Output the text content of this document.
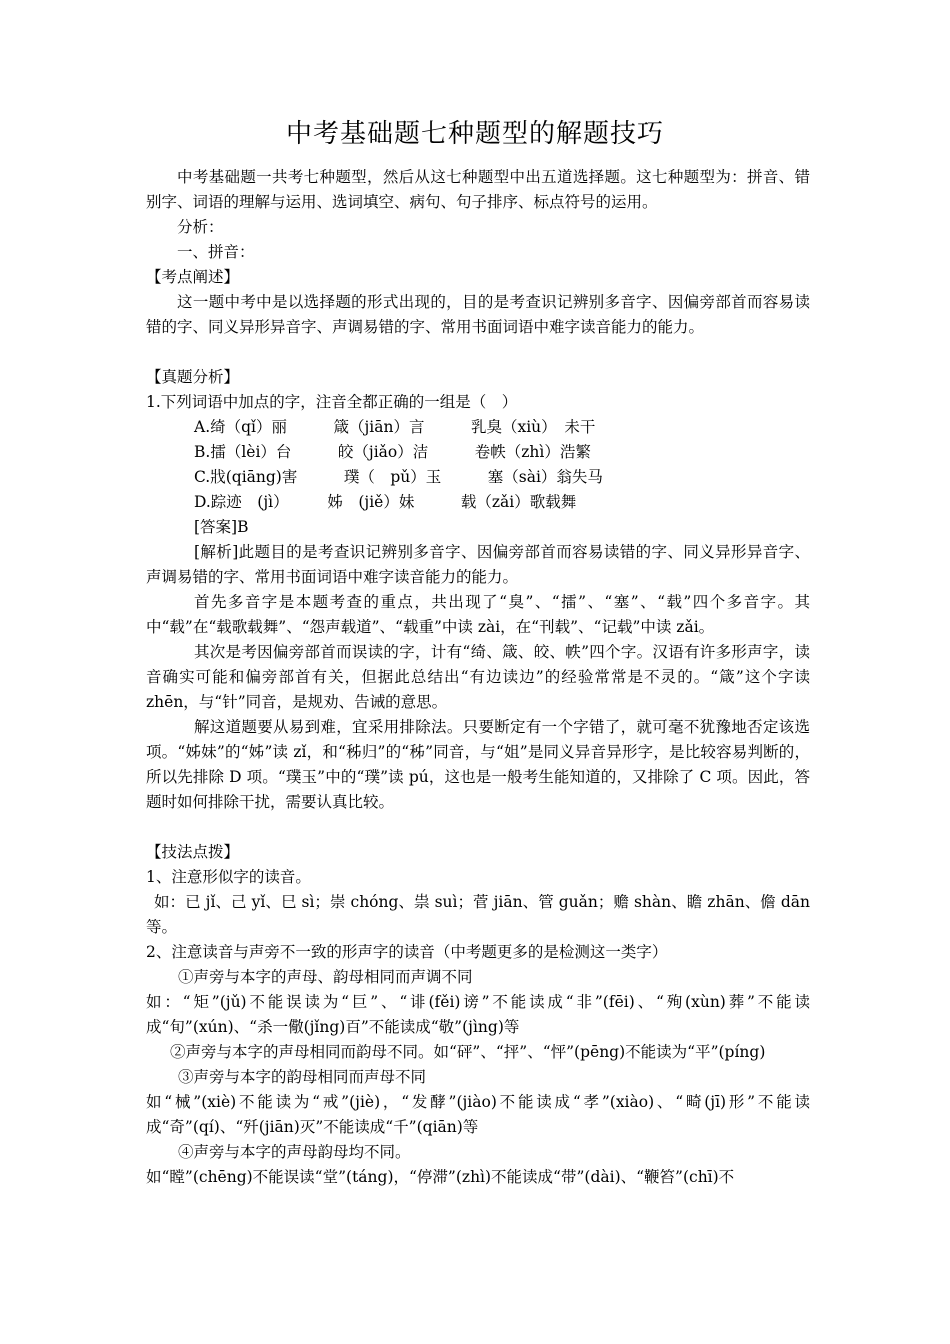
中考基础题七种题型的解题技巧

中考基础题一共考七种题型，然后从这七种题型中出五道选择题。这七种题型为：拼音、错别字、词语的理解与运用、选词填空、病句、句子排序、标点符号的运用。

分析：

一、拼音：

【考点阐述】

这一题中考中是以选择题的形式出现的，目的是考查识记辨别多音字、因偏旁部首而容易读错的字、同义异形异音字、声调易错的字、常用书面词语中难字读音能力的能力。

【真题分析】

1.下列词语中加点的字，注音全都正确的一组是（　）

A.绮（qǐ）丽　　　箴（jiān）言　　　乳臭（xiù）　未干

B.擂（lèi）台　　　皎（jiǎo）洁　　　卷帙（zhì）浩繁

C.戕(qiāng)害　　　璞（　pǔ）玉　　　塞（sài）翁失马

D.踪迹　(jì）　　　姊　(jiě）妹　　　载（zǎi）歌载舞

[答案]B

[解析]此题目的是考查识记辨别多音字、因偏旁部首而容易读错的字、同义异形异音字、声调易错的字、常用书面词语中难字读音能力的能力。

首先多音字是本题考查的重点，共出现了“臭”、“擂”、“塞”、“载”四个多音字。其中“载”在“载歌载舞”、“怨声载道”、“载重”中读 zài，在“刊载”、“记载”中读 zǎi。

其次是考因偏旁部首而误读的字，计有“绮、箴、皎、帙”四个字。汉语有许多形声字，读音确实可能和偏旁部首有关，但据此总结出“有边读边”的经验常常是不灵的。“箴”这个字读 zhēn，与“针”同音，是规劝、告诫的意思。

解这道题要从易到难，宜采用排除法。只要断定有一个字错了，就可毫不犹豫地否定该选项。“姊妹”的“姊”读 zǐ，和“秭归”的“秭”同音，与“姐”是同义异音异形字，是比较容易判断的，所以先排除 D 项。“璞玉”中的“璞”读 pú，这也是一般考生能知道的，又排除了 C 项。因此，答题时如何排除干扰，需要认真比较。

【技法点拨】

1、注意形似字的读音。

如：已 jǐ、己 yǐ、巳 sì；崇 chóng、祟 suì；菅 jiān、管 guǎn；赡 shàn、瞻 zhān、儋 dān等。

2、注意读音与声旁不一致的形声字的读音（中考题更多的是检测这一类字）

①声旁与本字的声母、韵母相同而声调不同

如：“矩”(jǔ)不能误读为“巨”、“诽(fěi)谤”不能读成“非”(fēi)、“殉(xùn)葬”不能读成“旬”(xún)、“杀一儆(jǐng)百”不能读成“敬”(jìng)等

②声旁与本字的声母相同而韵母不同。如“砰”、“抨”、“怦”(pēng)不能读为“平”(píng)

③声旁与本字的韵母相同而声母不同

如“械”(xiè)不能读为“戒”(jiè)，“发酵”(jiào)不能读成“孝”(xiào)、“畸(jī)形”不能读成“奇”(qí)、“歼(jiān)灭”不能读成“千”(qiān)等

④声旁与本字的声母韵母均不同。

如“瞠”(chēng)不能误读“堂”(táng)，“停滞”(zhì)不能读成“带”(dài)、“鞭笞”(chī)不
